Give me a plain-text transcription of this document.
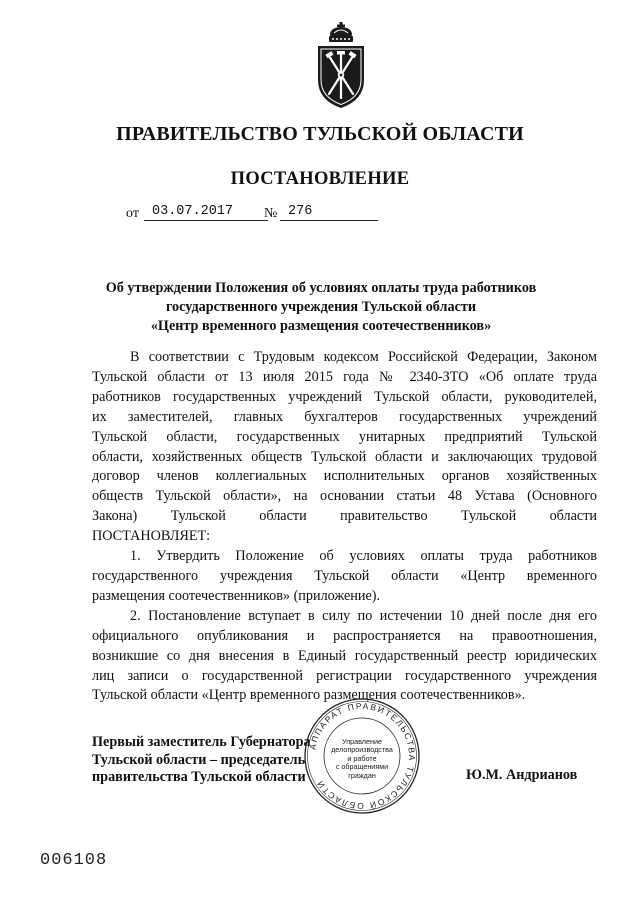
ПРАВИТЕЛЬСТВО ТУЛЬСКОЙ ОБЛАСТИ
ПОСТАНОВЛЕНИЕ
от 03.07.2017	№ 276
Об утверждении Положения об условиях оплаты труда работников
государственного учреждения Тульской области
«Центр временного размещения соотечественников»
В соответствии с Трудовым кодексом Российской Федерации, Законом
Тульской области от 13 июля 2015 года № 2340-ЗТО «Об оплате труда
работников государственных учреждений Тульской области, руководителей,
их заместителей, главных бухгалтеров государственных учреждений
Тульской области, государственных унитарных предприятий Тульской
области, хозяйственных обществ Тульской области и заключающих трудовой
договор членов коллегиальных исполнительных органов хозяйственных
обществ Тульской области», на основании статьи 48 Устава (Основного
Закона) Тульской области правительство Тульской области
ПОСТАНОВЛЯЕТ:
1. Утвердить Положение об условиях оплаты труда работников
государственного учреждения Тульской области «Центр временного
размещения соотечественников» (приложение).
2. Постановление вступает в силу по истечении 10 дней после дня его
официального опубликования и распространяется на правоотношения,
возникшие со дня внесения в Единый государственный реестр юридических
лиц записи о государственной регистрации государственного учреждения
Тульской области «Центр временного размещения соотечественников».
Первый заместитель Губернатора
Тульской области – председатель
правительства Тульской области
АППАРАТ ПРАВИТЕЛЬСТВА ТУЛЬСКОЙ ОБЛАСТИ
Управление
делопроизводства
и работе
с обращениями
граждан	Ю.М. Андрианов
006108
